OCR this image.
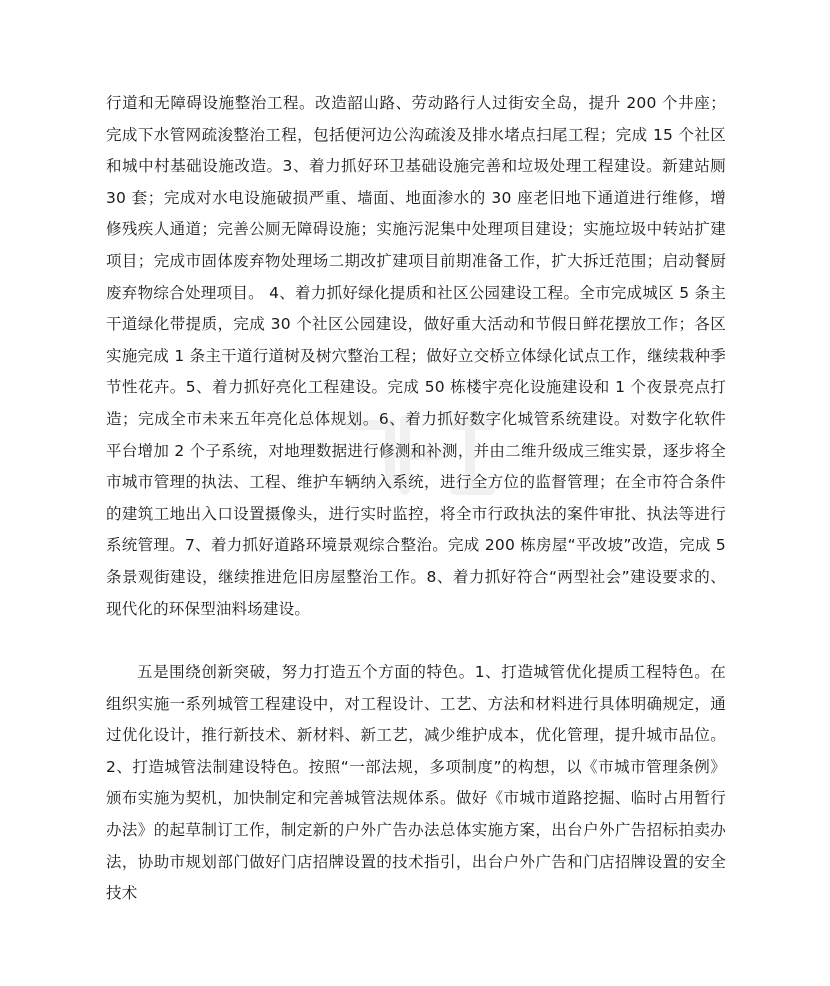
行道和无障碍设施整治工程。改造韶山路、劳动路行人过街安全岛，提升 200 个井座；完成下水管网疏浚整治工程，包括便河边公沟疏浚及排水堵点扫尾工程；完成 15 个社区和城中村基础设施改造。3、着力抓好环卫基础设施完善和垃圾处理工程建设。新建站厕 30 套；完成对水电设施破损严重、墙面、地面渗水的 30 座老旧地下通道进行维修，增修残疾人通道；完善公厕无障碍设施；实施污泥集中处理项目建设；实施垃圾中转站扩建项目；完成市固体废弃物处理场二期改扩建项目前期准备工作，扩大拆迁范围；启动餐厨废弃物综合处理项目。 4、着力抓好绿化提质和社区公园建设工程。全市完成城区 5 条主干道绿化带提质，完成 30 个社区公园建设，做好重大活动和节假日鲜花摆放工作；各区实施完成 1 条主干道行道树及树穴整治工程；做好立交桥立体绿化试点工作，继续栽种季节性花卉。5、着力抓好亮化工程建设。完成 50 栋楼宇亮化设施建设和 1 个夜景亮点打造；完成全市未来五年亮化总体规划。6、着力抓好数字化城管系统建设。对数字化软件平台增加 2 个子系统，对地理数据进行修测和补测，并由二维升级成三维实景，逐步将全市城市管理的执法、工程、维护车辆纳入系统，进行全方位的监督管理；在全市符合条件的建筑工地出入口设置摄像头，进行实时监控，将全市行政执法的案件审批、执法等进行系统管理。7、着力抓好道路环境景观综合整治。完成 200 栋房屋“平改坡”改造，完成 5 条景观街建设，继续推进危旧房屋整治工作。8、着力抓好符合“两型社会”建设要求的、现代化的环保型油料场建设。

五是围绕创新突破，努力打造五个方面的特色。1、打造城管优化提质工程特色。在组织实施一系列城管工程建设中，对工程设计、工艺、方法和材料进行具体明确规定，通过优化设计，推行新技术、新材料、新工艺，减少维护成本，优化管理，提升城市品位。2、打造城管法制建设特色。按照“一部法规，多项制度”的构想，以《市城市管理条例》颁布实施为契机，加快制定和完善城管法规体系。做好《市城市道路挖掘、临时占用暂行办法》的起草制订工作，制定新的户外广告办法总体实施方案，出台户外广告招标拍卖办法，协助市规划部门做好门店招牌设置的技术指引，出台户外广告和门店招牌设置的安全技术
